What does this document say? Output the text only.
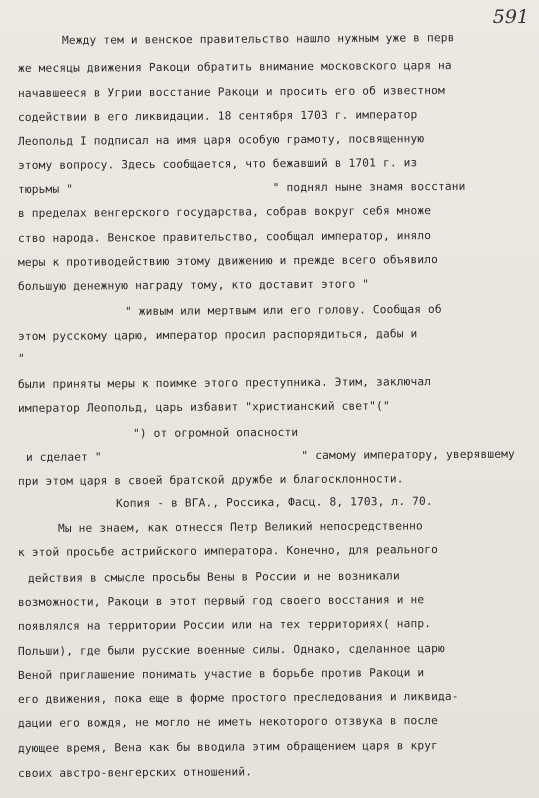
591
Между тем и венское правительство нашло нужным уже в перв
же месяцы движения Ракоци обратить внимание московского царя на
начавшееся в Угрии восстание Ракоци и просить его об известном
содействии в его ликвидации. 18 сентября 1703 г. император
Леопольд I подписал на имя царя особую грамоту, посвященную
этому вопросу. Здесь сообщается, что бежавший в 1701 г. из
тюрьмы "                             " поднял ныне знамя восстани
в пределах венгерского государства, собрав вокруг себя множе
ство народа. Венское правительство, сообщал император, иняло
меры к противодействию этому движению и прежде всего объявило
большую денежную награду тому, кто доставит этого "
" живым или мертвым или его голову. Сообщая об
этом русскому царю, император просил распорядиться, дабы и
"
были приняты меры к поимке этого преступника. Этим, заключал
император Леопольд, царь избавит "христианский свет"("
") от огромной опасности
и сделает "                             " самому императору, уверявшему
при этом царя в своей братской дружбе и благосклонности.
Копия - в ВГА., Россика, Фасц. 8, 1703, л. 70.
Мы не знаем, как отнесся Петр Великий непосредственно
к этой просьбе астрийского императора. Конечно, для реального
действия в смысле просьбы Вены в России и не возникали
возможности, Ракоци в этот первый год своего восстания и не
появлялся на территории России или на тех территориях( напр.
Польши), где были русские военные силы. Однако, сделанное царю
Веной приглашение понимать участие в борьбе против Ракоци и
его движения, пока еще в форме простого преследования и ликвида-
дации его вождя, не могло не иметь некоторого отзвука в после
дующее время, Вена как бы вводила этим обращением царя в круг
своих австро-венгерских отношений.
